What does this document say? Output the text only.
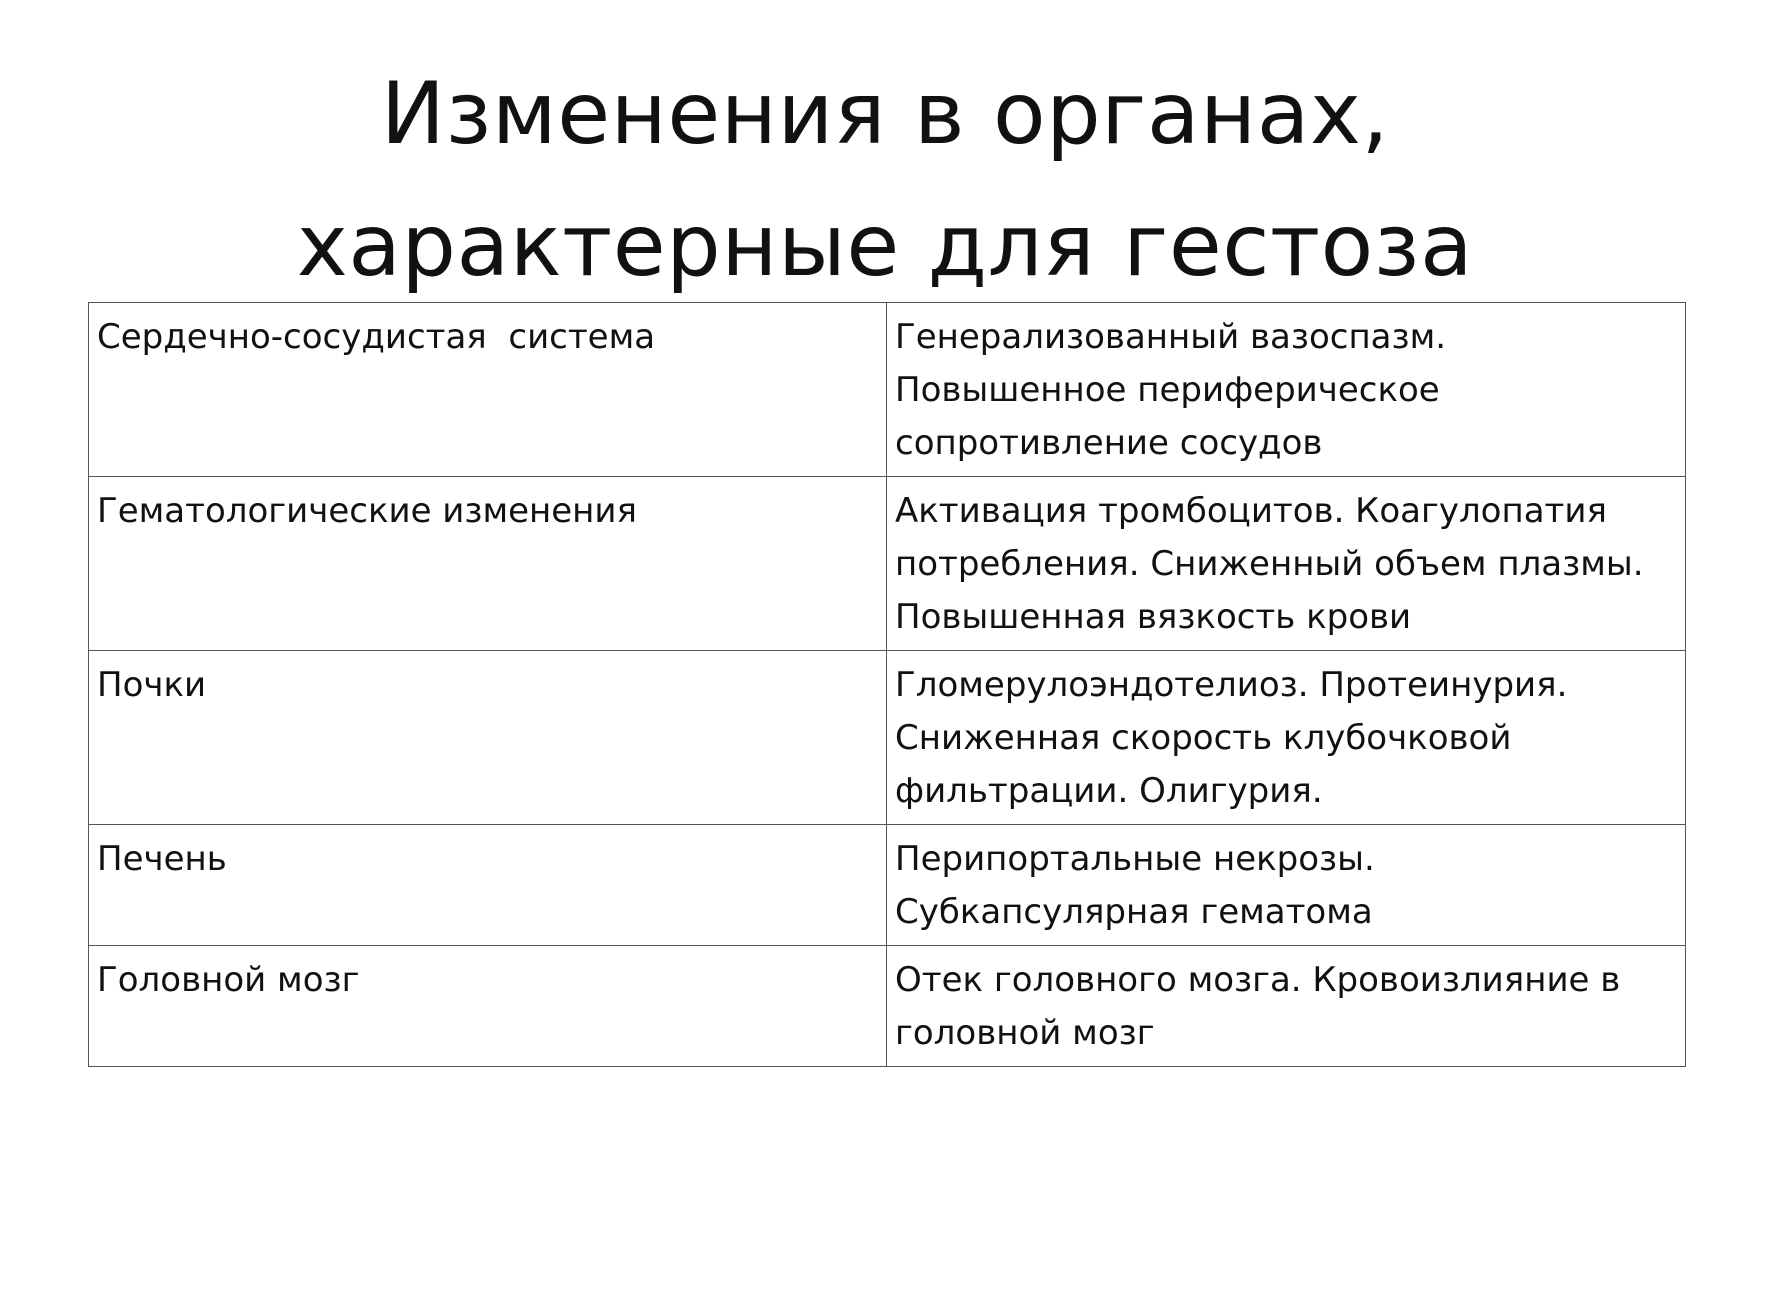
Изменения в органах,
характерные для гестоза
Сердечно-сосудистая  система	Генерализованный вазоспазм.
Повышенное периферическое
сопротивление сосудов

Гематологические изменения	Активация тромбоцитов. Коагулопатия
потребления. Сниженный объем плазмы.
Повышенная вязкость крови

Почки	Гломерулоэндотелиоз. Протеинурия.
Сниженная скорость клубочковой
фильтрации. Олигурия.

Печень	Перипортальные некрозы.
Субкапсулярная гематома

Головной мозг	Отек головного мозга. Кровоизлияние в
головной мозг
